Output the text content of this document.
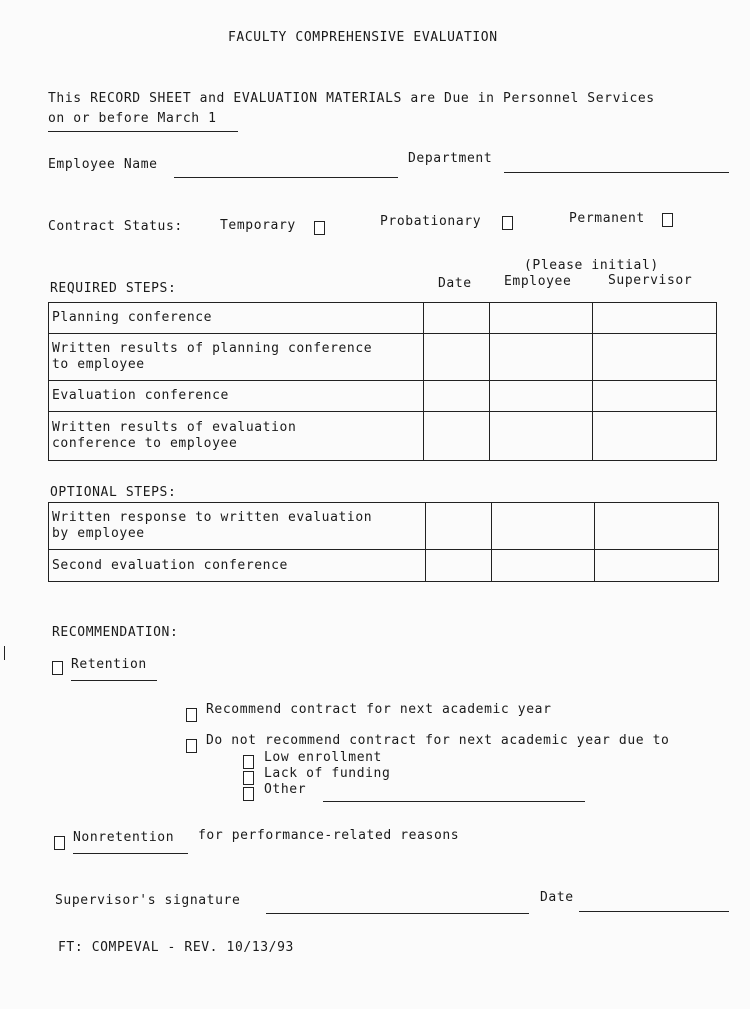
FACULTY COMPREHENSIVE EVALUATION
This RECORD SHEET and EVALUATION MATERIALS are Due in Personnel Services
on or before March 1
Employee Name	Department
Contract Status:	Temporary	Probationary	Permanent
(Please initial)
REQUIRED STEPS:	Date Employee	Supervisor
Planning conference			

Written results of planning conference
to employee			

Evaluation conference			

Written results of evaluation
conference to employee			

OPTIONAL STEPS:
Written response to written evaluation
by employee			

Second evaluation conference			
RECOMMENDATION:
Retention
Recommend contract for next academic year
Do not recommend contract for next academic year due to
Low enrollment
Lack of funding
Other
Nonretention for performance-related reasons
Supervisor's signature	Date
FT: COMPEVAL - REV. 10/13/93
